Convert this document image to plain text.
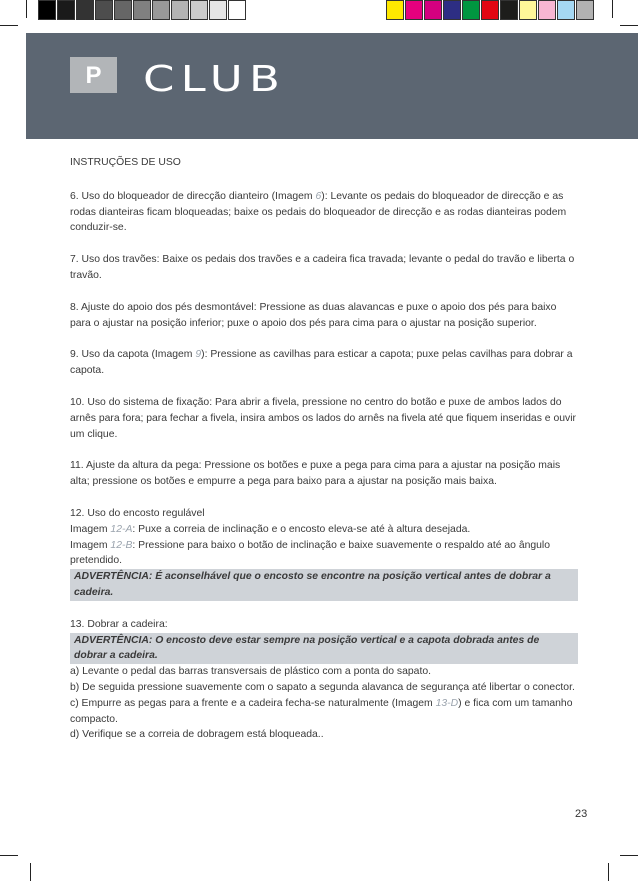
P	CLUB

INSTRUÇÕES DE USO

6. Uso do bloqueador de direcção dianteiro (Imagem 6): Levante os pedais do bloqueador de direcção e as rodas dianteiras ficam bloqueadas; baixe os pedais do bloqueador de direcção e as rodas dianteiras podem conduzir-se.

7. Uso dos travões: Baixe os pedais dos travões e a cadeira fica travada; levante o pedal do travão e liberta o travão.

8. Ajuste do apoio dos pés desmontável: Pressione as duas alavancas e puxe o apoio dos pés para baixo para o ajustar na posição inferior; puxe o apoio dos pés para cima para o ajustar na posição superior.

9. Uso da capota (Imagem 9): Pressione as cavilhas para esticar a capota; puxe pelas cavilhas para dobrar a capota.

10. Uso do sistema de fixação: Para abrir a fivela, pressione no centro do botão e puxe de ambos lados do arnês para fora; para fechar a fivela, insira ambos os lados do arnês na fivela até que fiquem inseridas e ouvir um clique.

11. Ajuste da altura da pega: Pressione os botões e puxe a pega para cima para a ajustar na posição mais alta; pressione os botões e empurre a pega para baixo para a ajustar na posição mais baixa.

12. Uso do encosto regulável

Imagem 12-A: Puxe a correia de inclinação e o encosto eleva-se até à altura desejada.

Imagem 12-B: Pressione para baixo o botão de inclinação e baixe suavemente o respaldo até ao ângulo pretendido.

ADVERTÊNCIA: É aconselhável que o encosto se encontre na posição vertical antes de dobrar a cadeira.

13. Dobrar a cadeira:

ADVERTÊNCIA: O encosto deve estar sempre na posição vertical e a capota dobrada antes de dobrar a cadeira.

a) Levante o pedal das barras transversais de plástico com a ponta do sapato.

b) De seguida pressione suavemente com o sapato a segunda alavanca de segurança até libertar o conector.

c) Empurre as pegas para a frente e a cadeira fecha-se naturalmente (Imagem 13-D) e fica com um tamanho compacto.

d) Verifique se a correia de dobragem está bloqueada..

23
